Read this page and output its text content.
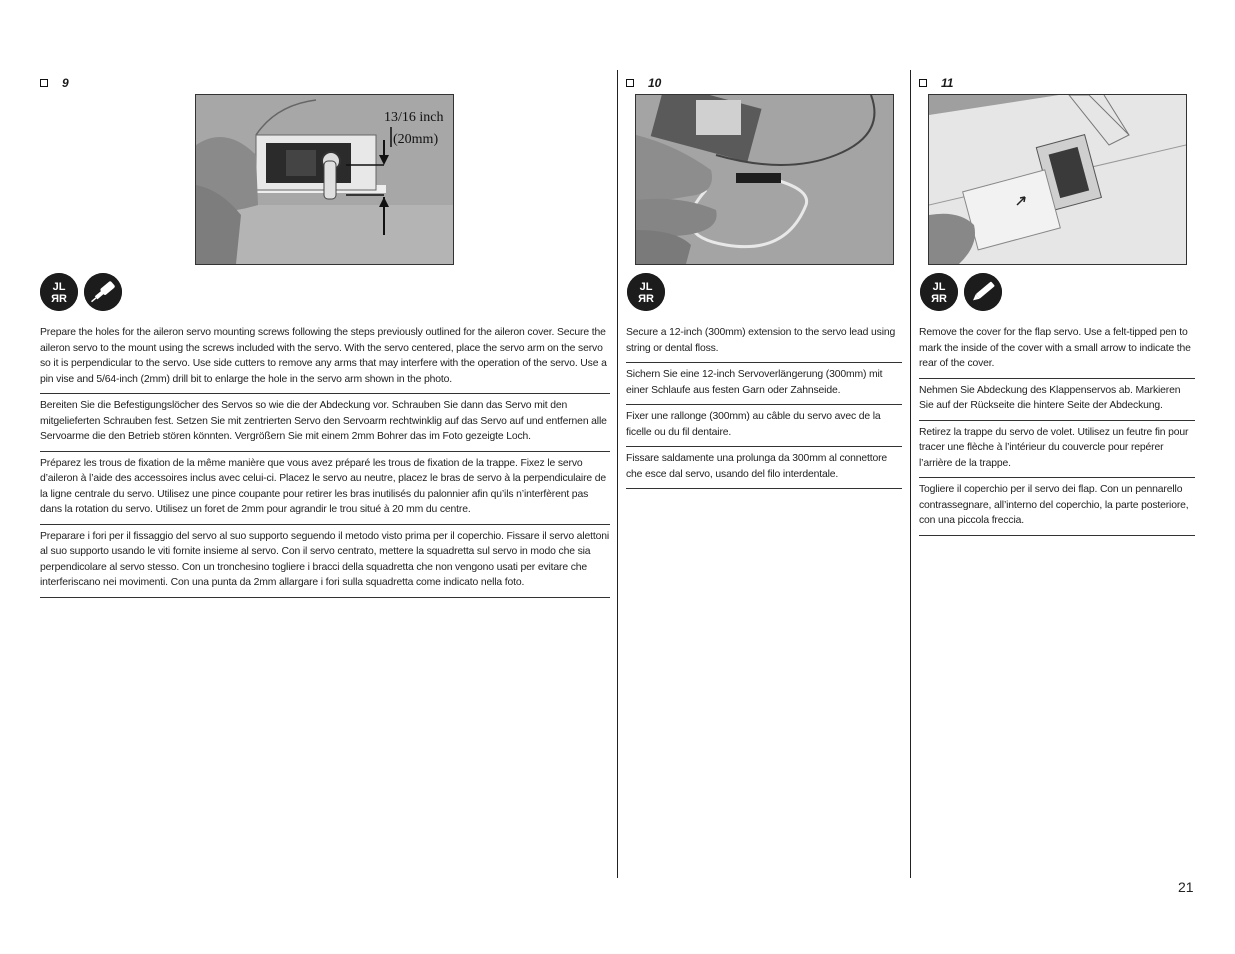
9
13/16 inch
(20mm)
JL
ЯR
Prepare the holes for the aileron servo mounting screws following the steps previously outlined for the aileron cover. Secure the aileron servo to the mount using the screws included with the servo. With the servo centered, place the servo arm on the servo so it is perpendicular to the servo. Use side cutters to remove any arms that may interfere with the operation of the servo. Use a pin vise and 5/64-inch (2mm) drill bit to enlarge the hole in the servo arm shown in the photo.
Bereiten Sie die Befestigungslöcher des Servos so wie die der Abdeckung vor. Schrauben Sie dann das Servo mit den mitgelieferten Schrauben fest. Setzen Sie mit zentrierten Servo den Servoarm rechtwinklig auf das Servo auf und entfernen alle Servoarme die den Betrieb stören könnten. Vergrößern Sie mit einem 2mm Bohrer das im Foto gezeigte Loch.
Préparez les trous de fixation de la même manière que vous avez préparé les trous de fixation de la trappe. Fixez le servo d’aileron à l’aide des accessoires inclus avec celui-ci. Placez le servo au neutre, placez le bras de servo à la perpendiculaire de la ligne centrale du servo. Utilisez une pince coupante pour retirer les bras inutilisés du palonnier afin qu’ils n’interfèrent pas dans la rotation du servo. Utilisez un foret de 2mm pour agrandir le trou situé à 20 mm du centre.
Preparare i fori per il fissaggio del servo al suo supporto seguendo il metodo visto prima per il coperchio. Fissare il servo alettoni al suo supporto usando le viti fornite insieme al servo. Con il servo centrato, mettere la squadretta sul servo in modo che sia perpendicolare al servo stesso. Con un tronchesino togliere i bracci della squadretta che non vengono usati per evitare che interferiscano nei movimenti. Con una punta da 2mm allargare i fori sulla squadretta come indicato nella foto.
10
JL
ЯR
Secure a 12-inch (300mm) extension to the servo lead using string or dental floss.
Sichern Sie eine 12-inch Servoverlängerung (300mm) mit einer Schlaufe aus festen Garn oder Zahnseide.
Fixer une rallonge (300mm) au câble du servo avec de la ficelle ou du fil dentaire.
Fissare saldamente una prolunga da 300mm al connettore che esce dal servo, usando del filo interdentale.
11
JL
ЯR
Remove the cover for the flap servo. Use a felt-tipped pen to mark the inside of the cover with a small arrow to indicate the rear of the cover.
Nehmen Sie Abdeckung des Klappenservos ab. Markieren Sie auf der Rückseite die hintere Seite der Abdeckung.
Retirez la trappe du servo de volet. Utilisez un feutre fin pour tracer une flèche à l’intérieur du couvercle pour repérer l’arrière de la trappe.
Togliere il coperchio per il servo dei flap. Con un pennarello contrassegnare, all’interno del coperchio, la parte posteriore, con una piccola freccia.
21
